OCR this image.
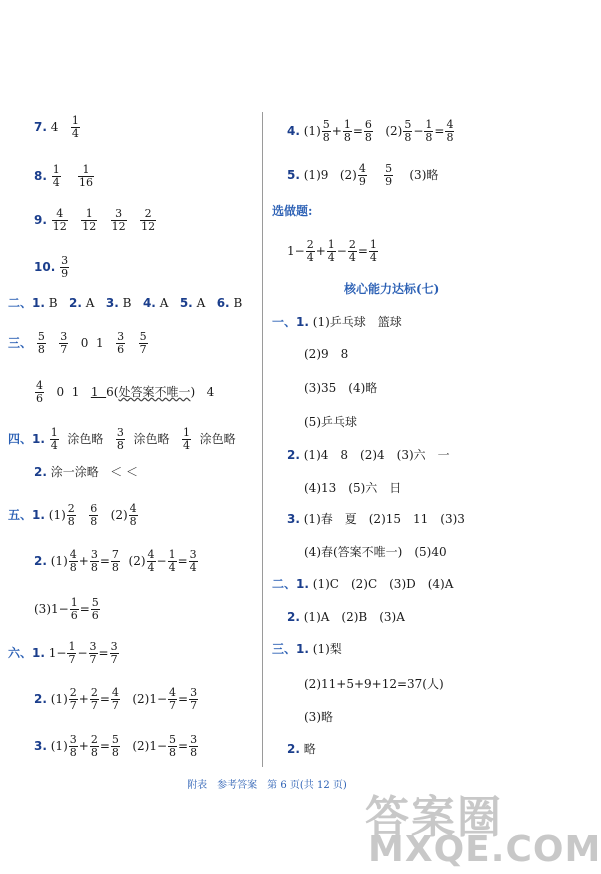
7. $4 \frac{1}{4}$
8. $\frac{1}{4}$
$\frac{1}{16}$
9. $\frac{4}{12}$
$\frac{1}{12}$
$\frac{3}{12}$
$\frac{2}{12}$
10. $\frac{3}{9}$
二、1. B 2. A 3. B 4. A 5. A 6. B
三、 $\frac{5}{8}$
$\frac{3}{7} 0$ $1 \frac{3}{6}$
$\frac{5}{7}$
$\frac{4}{6} 0$ 1 1 6(处答案不唯一) 4
四、1. $\frac{1}{4}$ 涂色略 $\frac{3}{8}$ 涂色略 $\frac{1}{4}$ 涂色略
2. 涂一涂略 ＜ ＜
五、1. $(1) \frac{2}{8}$
$\frac{6}{8} (2) \frac{4}{8}$
2. $(1) \frac{4}{8} + \frac{3}{8} = \frac{7}{8} (2) \frac{4}{4} - \frac{1}{4} = \frac{3}{4}$
$(3)1- \frac{1}{6} = \frac{5}{6}$
六、1. $1- \frac{1}{7} - \frac{3}{7} = \frac{3}{7}$
2. $(1) \frac{2}{7} + \frac{2}{7} = \frac{4}{7} (2)1- \frac{4}{7} = \frac{3}{7}$
3. $(1) \frac{3}{8} + \frac{2}{8} = \frac{5}{8} (2)1- \frac{5}{8} = \frac{3}{8}$
4. $(1) \frac{5}{8} + \frac{1}{8} = \frac{6}{8} (2) \frac{5}{8} - \frac{1}{8} = \frac{4}{8}$
5. (1)9 $(2) \frac{4}{9}$
$\frac{5}{9} (3)$略
选做题:
$1- \frac{2}{4} + \frac{1}{4} - \frac{2}{4} = \frac{1}{4}$
核心能力达标(七)
一、1. (1)乒乓球　篮球
(2)9　8
(3)35　(4)略
(5)乒乓球
2. (1)4　8　(2)4　(3)六　一
(4)13　(5)六　日
3. (1)春　夏　(2)15　11　(3)3
(4)春(答案不唯一)　(5)40
二、1. (1)C　(2)C　(3)D　(4)A
2. (1)A　(2)B　(3)A
三、1. (1)梨
(2)11+5+9+12=37(人)
(3)略
2. 略
附表　参考答案　第 6 页(共 12 页)
答案圈
MXQE.COM
